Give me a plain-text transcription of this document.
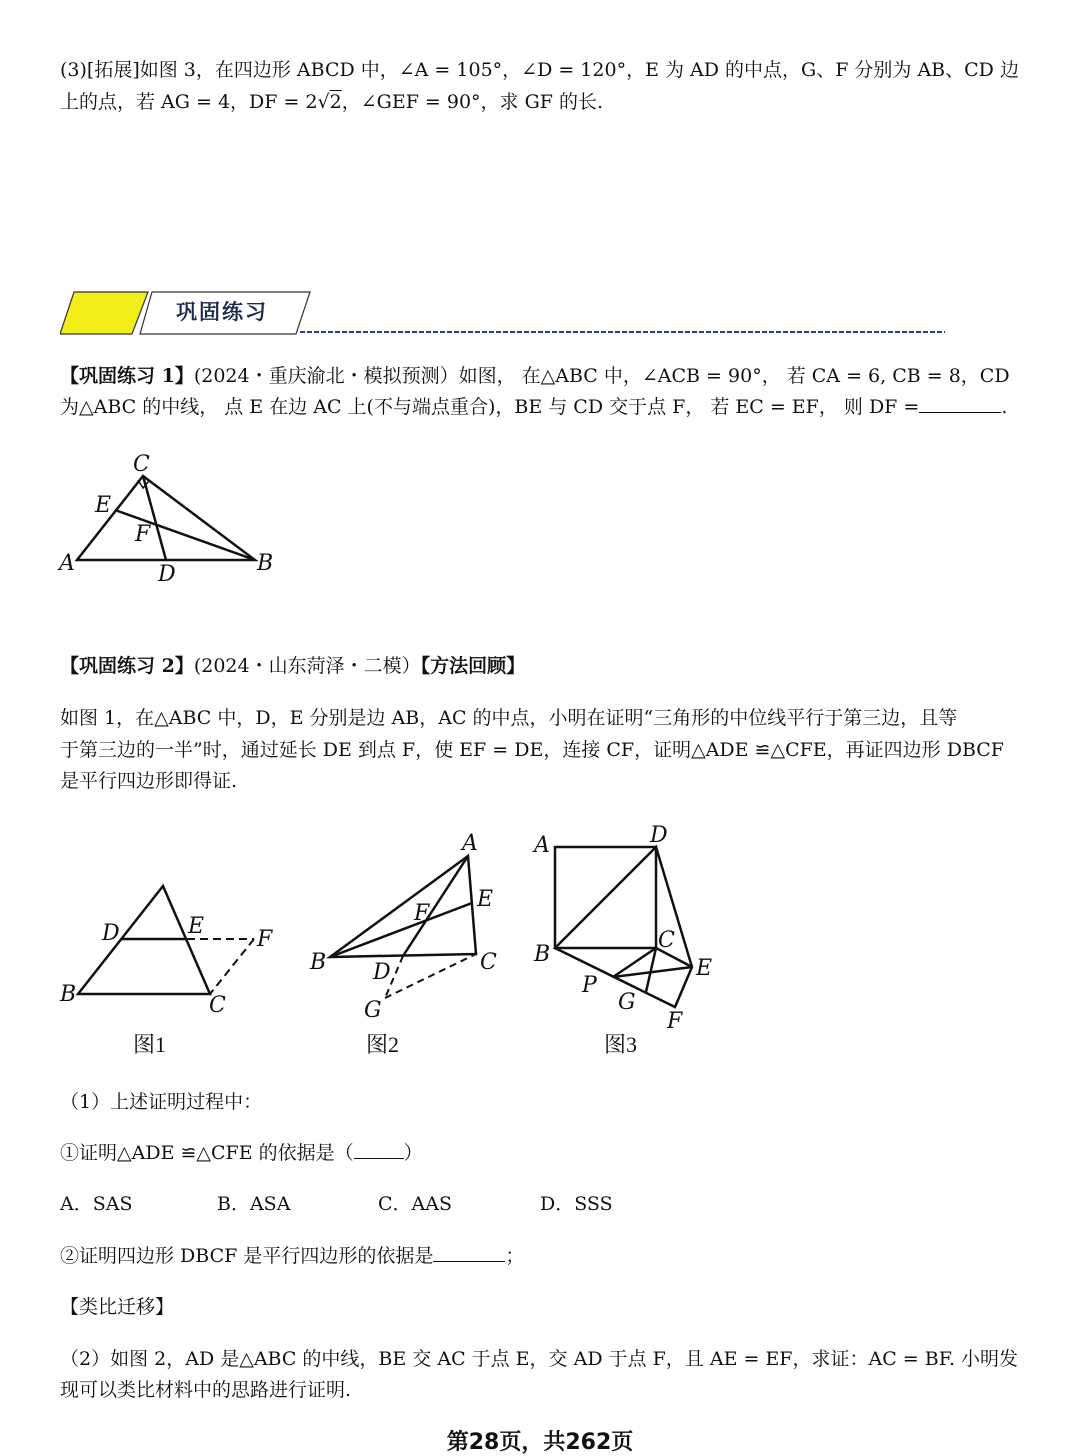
(3)[拓展]如图 3，在四边形 ABCD 中，∠A = 105°，∠D = 120°，E 为 AD 的中点，G、F 分别为 AB、CD 边
上的点，若 AG = 4，DF = 2√2，∠GEF = 90°，求 GF 的长.
巩固练习
【巩固练习 1】(2024・重庆渝北・模拟预测）如图， 在△ABC 中，∠ACB = 90°， 若 CA = 6, CB = 8，CD
为△ABC 的中线， 点 E 在边 AC 上(不与端点重合)，BE 与 CD 交于点 F， 若 EC = EF， 则 DF =	.
C
E
F
A	B
D
【巩固练习 2】(2024・山东菏泽・二模）【方法回顾】
如图 1，在△ABC 中，D，E 分别是边 AB，AC 的中点，小明在证明“三角形的中位线平行于第三边，且等
于第三边的一半”时，通过延长 DE 到点 F，使 EF = DE，连接 CF，证明△ADE ≌△CFE，再证四边形 DBCF
是平行四边形即得证.
D	E
F
B	C
A
E
F
B	C
D
G
A	D
B
C
E
P
G
F
图1	图2	图3
（1）上述证明过程中：
①证明△ADE ≌△CFE 的依据是（	）
A．SAS	B．ASA	C．AAS	D．SSS
②证明四边形 DBCF 是平行四边形的依据是	；
【类比迁移】
（2）如图 2，AD 是△ABC 的中线，BE 交 AC 于点 E，交 AD 于点 F，且 AE = EF，求证：AC = BF. 小明发
现可以类比材料中的思路进行证明.
第28页，共262页
